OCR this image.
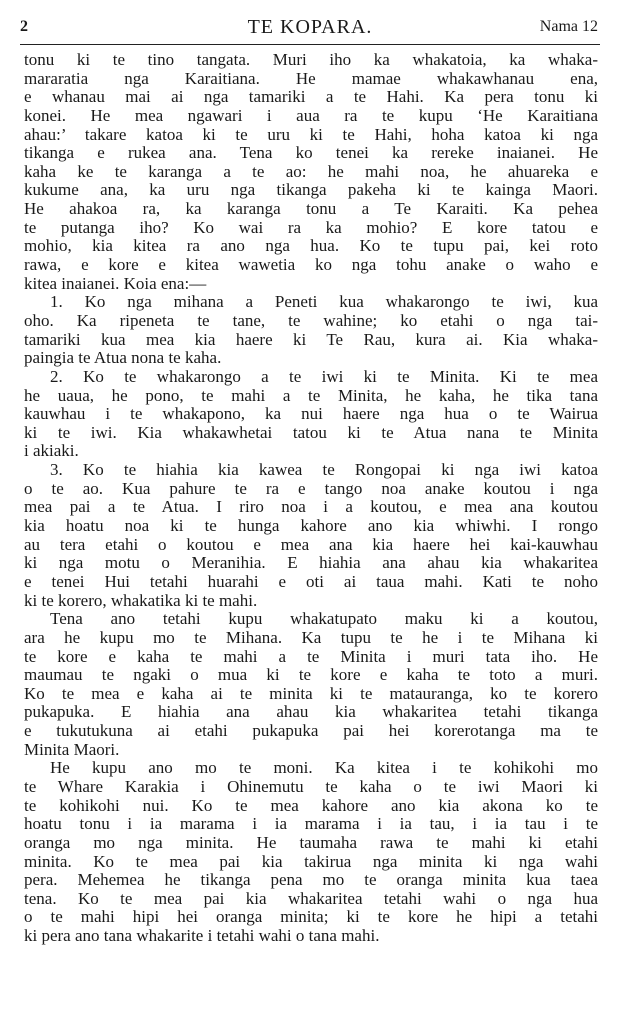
2	TE KOPARA.	Nama 12
tonu ki te tino tangata. Muri iho ka whakatoia, ka whaka-
mararatia nga Karaitiana. He mamae whakawhanau ena,
e whanau mai ai nga tamariki a te Hahi. Ka pera tonu ki
konei. He mea ngawari i aua ra te kupu ‘He Karaitiana
ahau:’ takare katoa ki te uru ki te Hahi, hoha katoa ki nga
tikanga e rukea ana. Tena ko tenei ka rereke inaianei. He
kaha ke te karanga a te ao: he mahi noa, he ahuareka e
kukume ana, ka uru nga tikanga pakeha ki te kainga Maori.
He ahakoa ra, ka karanga tonu a Te Karaiti. Ka pehea
te putanga iho? Ko wai ra ka mohio? E kore tatou e
mohio, kia kitea ra ano nga hua. Ko te tupu pai, kei roto
rawa, e kore e kitea wawetia ko nga tohu anake o waho e
kitea inaianei. Koia ena:—
1. Ko nga mihana a Peneti kua whakarongo te iwi, kua
oho. Ka ripeneta te tane, te wahine; ko etahi o nga tai-
tamariki kua mea kia haere ki Te Rau, kura ai. Kia whaka-
paingia te Atua nona te kaha.
2. Ko te whakarongo a te iwi ki te Minita. Ki te mea
he uaua, he pono, te mahi a te Minita, he kaha, he tika tana
kauwhau i te whakapono, ka nui haere nga hua o te Wairua
ki te iwi. Kia whakawhetai tatou ki te Atua nana te Minita
i akiaki.
3. Ko te hiahia kia kawea te Rongopai ki nga iwi katoa
o te ao. Kua pahure te ra e tango noa anake koutou i nga
mea pai a te Atua. I riro noa i a koutou, e mea ana koutou
kia hoatu noa ki te hunga kahore ano kia whiwhi. I rongo
au tera etahi o koutou e mea ana kia haere hei kai-kauwhau
ki nga motu o Meranihia. E hiahia ana ahau kia whakaritea
e tenei Hui tetahi huarahi e oti ai taua mahi. Kati te noho
ki te korero, whakatika ki te mahi.
Tena ano tetahi kupu whakatupato maku ki a koutou,
ara he kupu mo te Mihana. Ka tupu te he i te Mihana ki
te kore e kaha te mahi a te Minita i muri tata iho. He
maumau te ngaki o mua ki te kore e kaha te toto a muri.
Ko te mea e kaha ai te minita ki te matauranga, ko te korero
pukapuka. E hiahia ana ahau kia whakaritea tetahi tikanga
e tukutukuna ai etahi pukapuka pai hei korerotanga ma te
Minita Maori.
He kupu ano mo te moni. Ka kitea i te kohikohi mo
te Whare Karakia i Ohinemutu te kaha o te iwi Maori ki
te kohikohi nui. Ko te mea kahore ano kia akona ko te
hoatu tonu i ia marama i ia marama i ia tau, i ia tau i te
oranga mo nga minita. He taumaha rawa te mahi ki etahi
minita. Ko te mea pai kia takirua nga minita ki nga wahi
pera. Mehemea he tikanga pena mo te oranga minita kua taea
tena. Ko te mea pai kia whakaritea tetahi wahi o nga hua
o te mahi hipi hei oranga minita; ki te kore he hipi a tetahi
ki pera ano tana whakarite i tetahi wahi o tana mahi.
